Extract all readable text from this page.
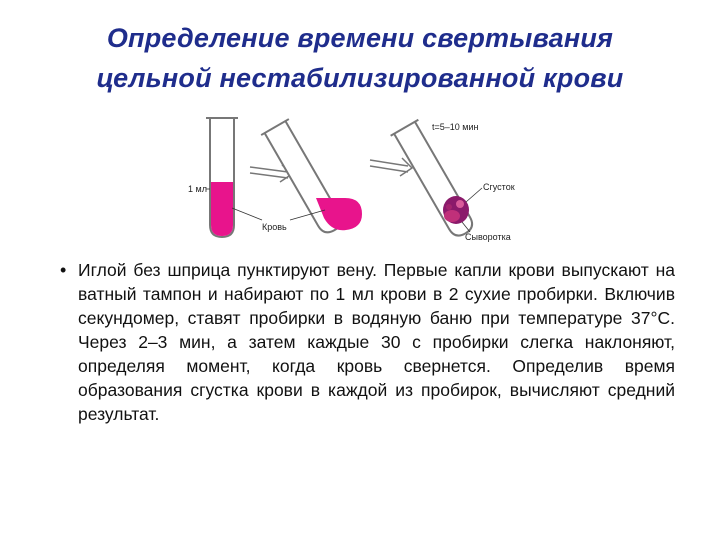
Определение времени свертывания
цельной нестабилизированной крови
1 мл
Кровь
t=5–10 мин
Сгусток
Сыворотка
• Иглой без шприца пунктируют вену. Первые капли крови выпускают на ватный тампон и набирают по 1 мл крови в 2 сухие пробирки. Включив секундомер, ставят пробирки в водяную баню при температуре 37°С. Через 2–3 мин, а затем каждые 30 с пробирки слегка наклоняют, определяя момент, когда кровь свернется. Определив время образования сгустка крови в каждой из пробирок, вычисляют средний результат.
